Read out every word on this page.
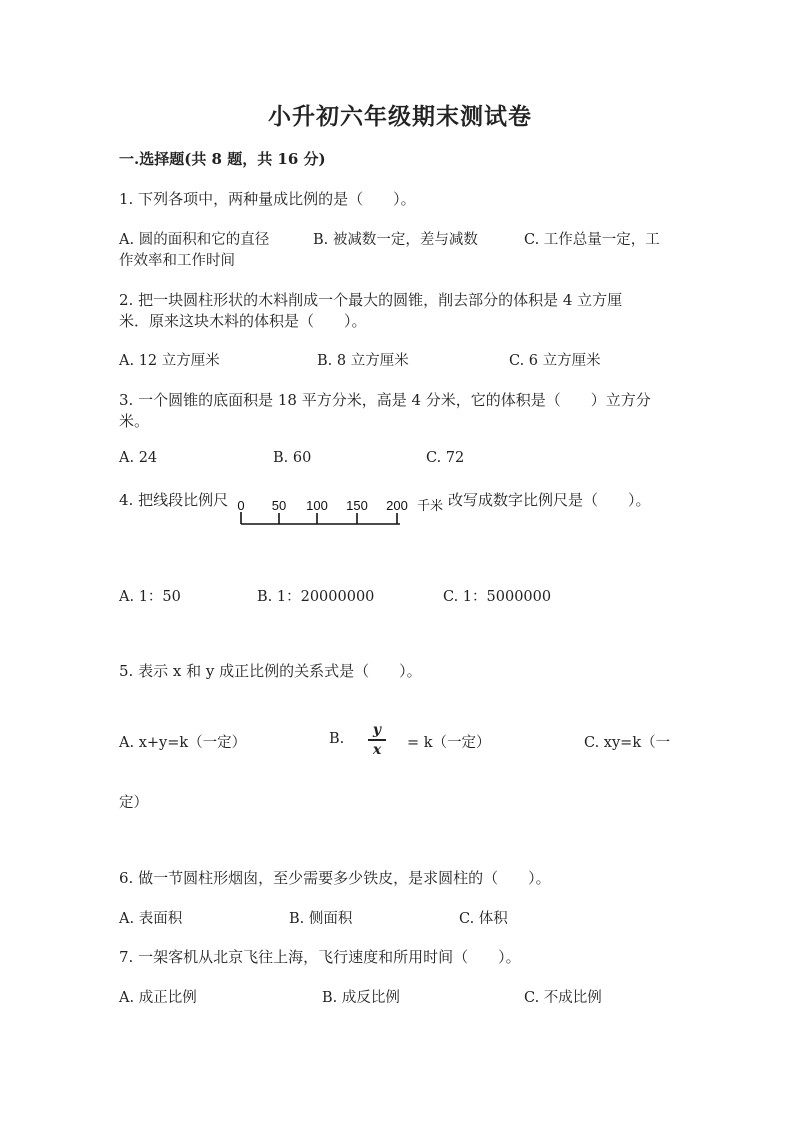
小升初六年级期末测试卷
一.选择题(共 8 题，共 16 分)
1. 下列各项中，两种量成比例的是（　　）。
A. 圆的面积和它的直径	B. 被减数一定，差与减数	C. 工作总量一定，工
作效率和工作时间
2. 把一块圆柱形状的木料削成一个最大的圆锥，削去部分的体积是 4 立方厘
米．原来这块木料的体积是（　　）。
A. 12 立方厘米	B. 8 立方厘米	C. 6 立方厘米
3. 一个圆锥的底面积是 18 平方分米，高是 4 分米，它的体积是（　　）立方分
米。
A. 24	B. 60	C. 72
4. 把线段比例尺 0 50 100 150 200 千米 改写成数字比例尺是（　　）。
A. 1：50	B. 1：20000000	C. 1：5000000
5. 表示 x 和 y 成正比例的关系式是（　　）。
A. x+y=k（一定）	B.
y
x	= k（一定）	C. xy=k（一
定）
6. 做一节圆柱形烟囱，至少需要多少铁皮，是求圆柱的（　　）。
A. 表面积	B. 侧面积	C. 体积
7. 一架客机从北京飞往上海，飞行速度和所用时间（　　）。
A. 成正比例	B. 成反比例	C. 不成比例
